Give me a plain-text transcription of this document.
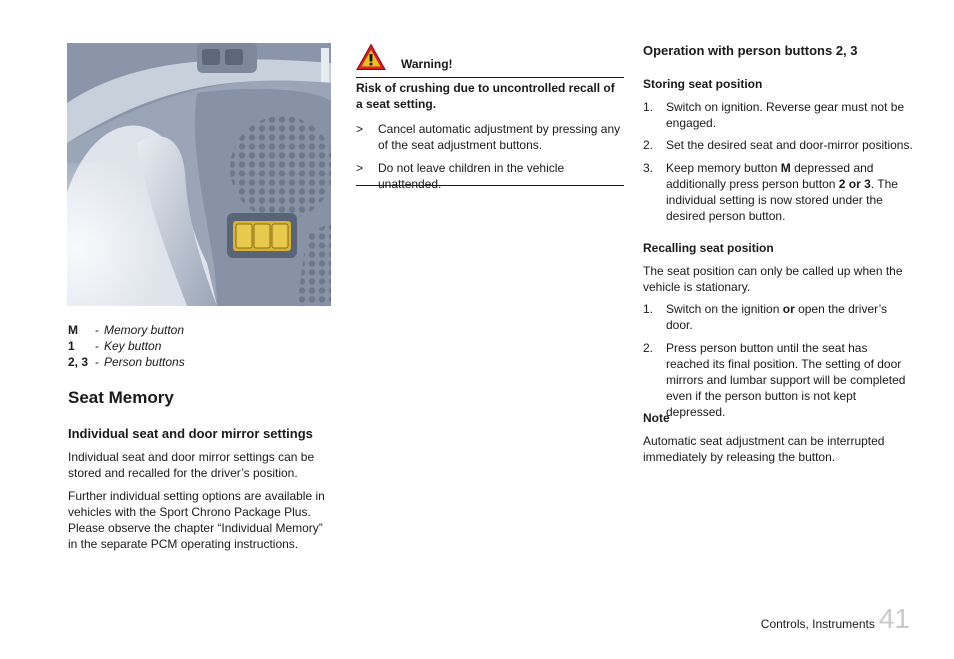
M	- Memory button
1	- Key button
2, 3 - Person buttons
Seat Memory
Individual seat and door mirror settings

Individual seat and door mirror settings can be stored and recalled for the driver’s position.

Further individual setting options are available in vehicles with the Sport Chrono Package Plus. Please observe the chapter “Individual Memory” in the separate PCM operating instructions.

Warning!
Risk of crushing due to uncontrolled recall of a seat setting.
>	Cancel automatic adjustment by pressing any of the seat adjustment buttons.
>	Do not leave children in the vehicle unattended.
Operation with person buttons 2, 3
Storing seat position
1.	Switch on ignition. Reverse gear must not be engaged.
2.	Set the desired seat and door-mirror positions.
3.	Keep memory button M depressed and additionally press person button 2 or 3. The individual setting is now stored under the desired person button.
Recalling seat position

The seat position can only be called up when the vehicle is stationary.

1.	Switch on the ignition or open the driver’s door.
2.	Press person button until the seat has reached its final position. The setting of door mirrors and lumbar support will be completed even if the person button is not kept depressed.
Note

Automatic seat adjustment can be interrupted immediately by releasing the button.

Controls, Instruments 41
